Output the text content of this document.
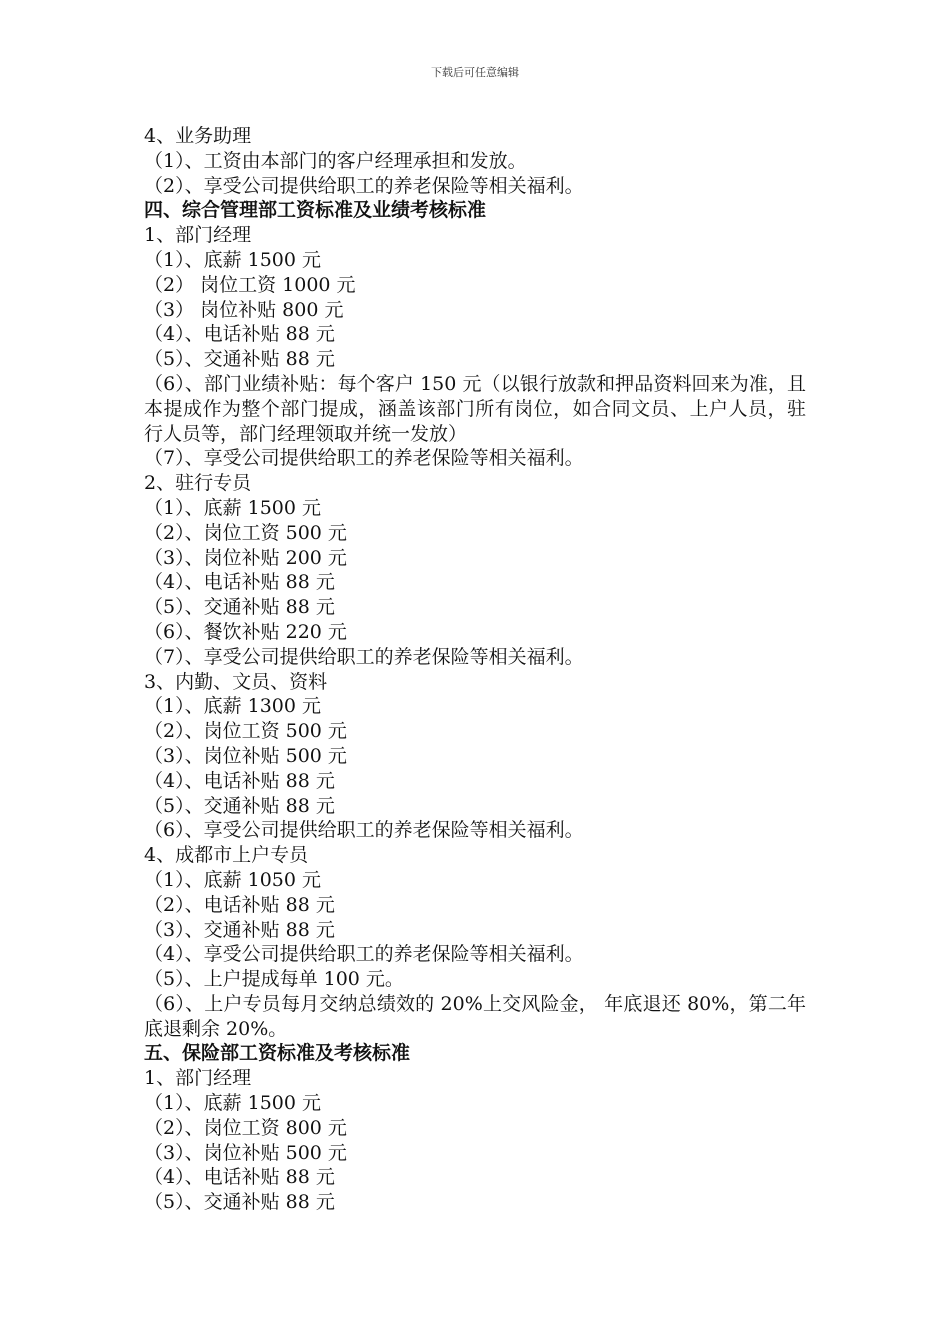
下载后可任意编辑

4、业务助理

（1）、工资由本部门的客户经理承担和发放。

（2）、享受公司提供给职工的养老保险等相关福利。

四、综合管理部工资标准及业绩考核标准

1、部门经理

（1）、底薪 1500 元

（2） 岗位工资 1000 元

（3） 岗位补贴 800 元

（4）、电话补贴 88 元

（5）、交通补贴 88 元

（6）、部门业绩补贴：每个客户 150 元（以银行放款和押品资料回来为准，且本提成作为整个部门提成，涵盖该部门所有岗位，如合同文员、上户人员，驻行人员等，部门经理领取并统一发放）

（7）、享受公司提供给职工的养老保险等相关福利。

2、驻行专员

（1）、底薪 1500 元

（2）、岗位工资 500 元

（3）、岗位补贴 200 元

（4）、电话补贴 88 元

（5）、交通补贴 88 元

（6）、餐饮补贴 220 元

（7）、享受公司提供给职工的养老保险等相关福利。

3、内勤、文员、资料

（1）、底薪 1300 元

（2）、岗位工资 500 元

（3）、岗位补贴 500 元

（4）、电话补贴 88 元

（5）、交通补贴 88 元

（6）、享受公司提供给职工的养老保险等相关福利。

4、成都市上户专员

（1）、底薪 1050 元

（2）、电话补贴 88 元

（3）、交通补贴 88 元

（4）、享受公司提供给职工的养老保险等相关福利。

（5）、上户提成每单 100 元。

（6）、上户专员每月交纳总绩效的 20%上交风险金， 年底退还 80%，第二年底退剩余 20%。

五、保险部工资标准及考核标准

1、部门经理

（1）、底薪 1500 元

（2）、岗位工资 800 元

（3）、岗位补贴 500 元

（4）、电话补贴 88 元

（5）、交通补贴 88 元
